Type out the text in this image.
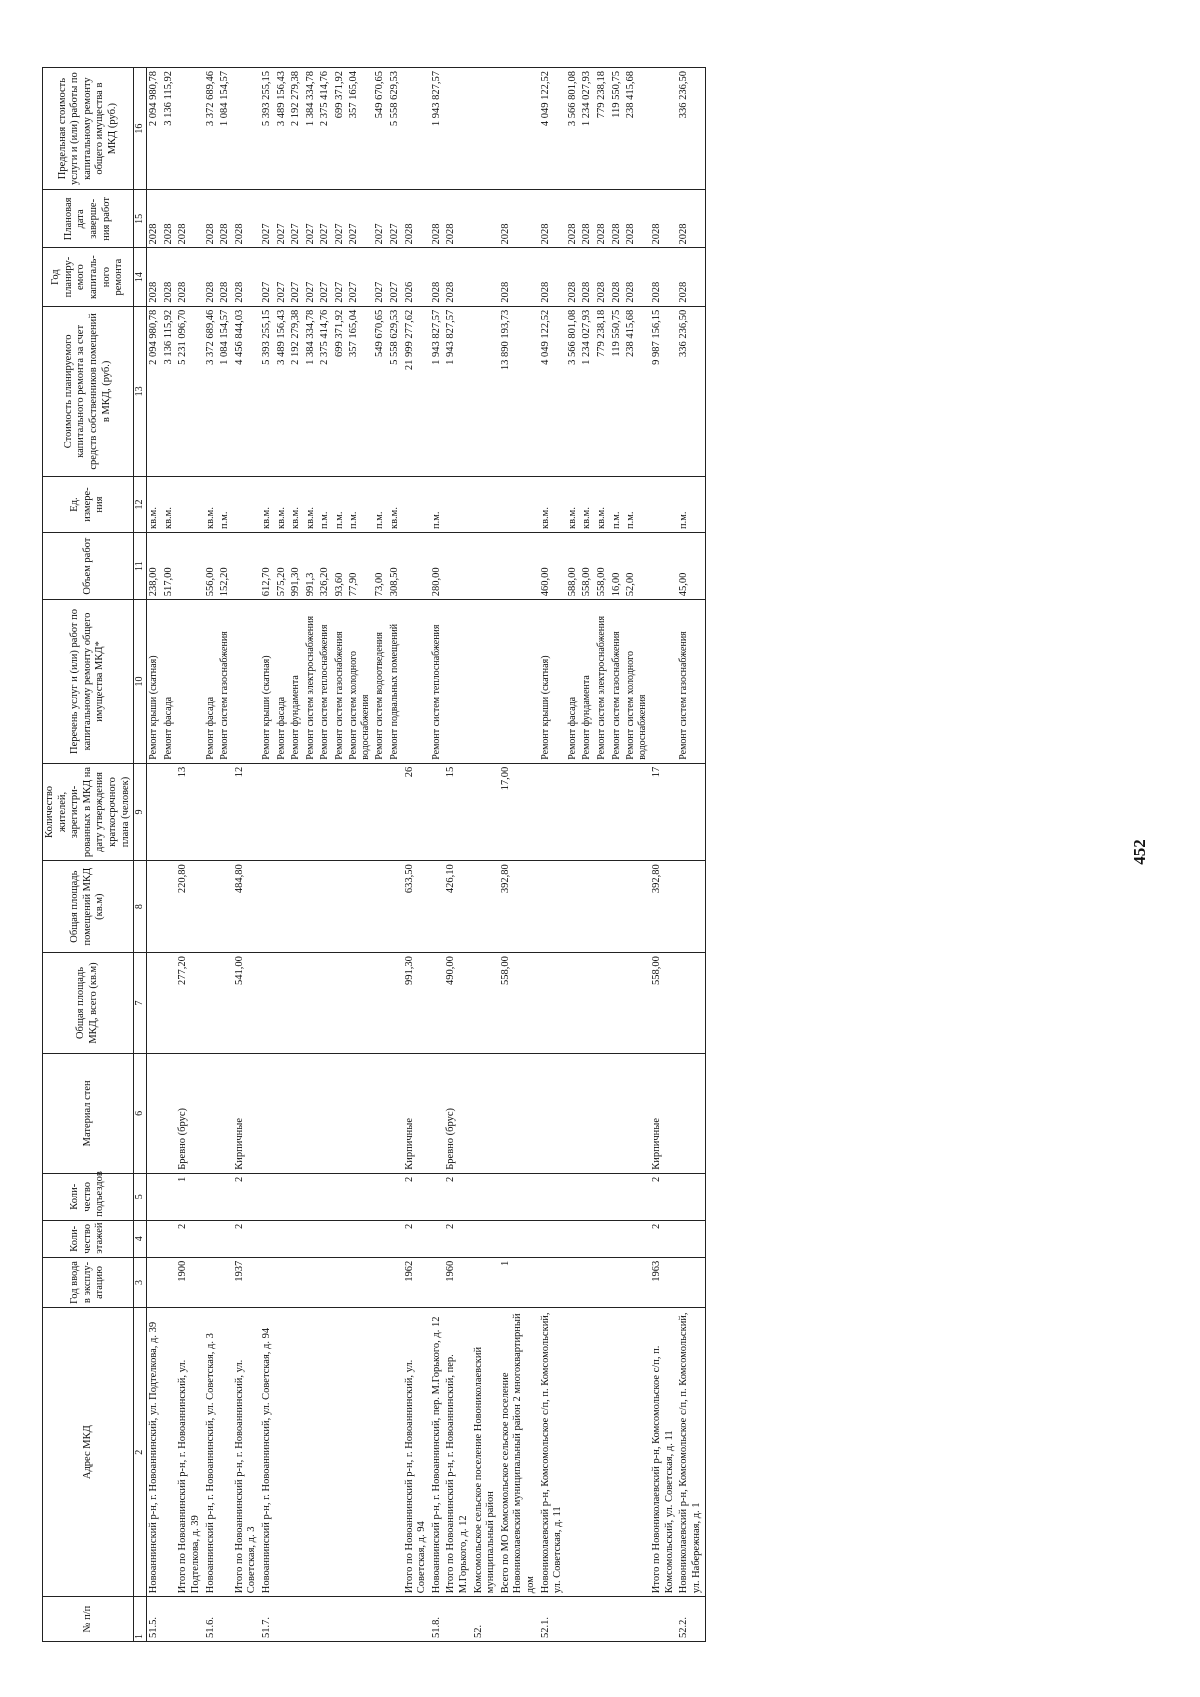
452
№ п/п	Адрес МКД	Год ввода в эксплу-атацию	Коли-чество этажей	Коли-чество подъездов	Материал стен	Общая площадь МКД, всего (кв.м)	Общая площадь помещений МКД (кв.м)	Количество жителей, зарегистри-рованных в МКД на дату утверждения краткосрочного плана (человек)	Перечень услуг и (или) работ по капитальному ремонту общего имущества МКД*	Объем работ	Ед. измере-ния	Стоимость планируемого капитального ремонта за счет средств собственников помещений в МКД, (руб.)	Год планиру-емого капиталь-ного ремонта	Плановая дата заверше-ния работ	Предельная стоимость услуги и (или) работы по капитальному ремонту общего имущества в МКД (руб.)
1	2	3	4	5	6	7	8	9	10	11	12	13	14	15	16
51.5.	Новоаннинский р-н, г. Новоаннинский, ул. Подтелкова, д. 39								Ремонт крыши (скатная)	238,00	кв.м.	2 094 980,78	2028	2028	2 094 980,78
									Ремонт фасада	517,00	кв.м.	3 136 115,92	2028	2028	3 136 115,92
	Итого по Новоаннинский р-н, г. Новоаннинский, ул. Подтелкова, д. 39	1900	2	1	Бревно (брус)	277,20	220,80	13				5 231 096,70	2028	2028	
51.6.	Новоаннинский р-н, г. Новоаннинский, ул. Советская, д. 3								Ремонт фасада	556,00	кв.м.	3 372 689,46	2028	2028	3 372 689,46
									Ремонт систем газоснабжения	152,20	п.м.	1 084 154,57	2028	2028	1 084 154,57
	Итого по Новоаннинский р-н, г. Новоаннинский, ул. Советская, д. 3	1937	2	2	Кирпичные	541,00	484,80	12				4 456 844,03	2028	2028	
51.7.	Новоаннинский р-н, г. Новоаннинский, ул. Советская, д. 94								Ремонт крыши (скатная)	612,70	кв.м.	5 393 255,15	2027	2027	5 393 255,15
									Ремонт фасада	575,20	кв.м.	3 489 156,43	2027	2027	3 489 156,43
									Ремонт фундамента	991,30	кв.м.	2 192 279,38	2027	2027	2 192 279,38
									Ремонт систем электроснабжения	991,3	кв.м.	1 384 334,78	2027	2027	1 384 334,78
									Ремонт систем теплоснабжения	326,20	п.м.	2 375 414,76	2027	2027	2 375 414,76
									Ремонт систем газоснабжения	93,60	п.м.	699 371,92	2027	2027	699 371,92
									Ремонт систем холодного водоснабжения	77,90	п.м.	357 165,04	2027	2027	357 165,04
									Ремонт систем водоотведения	73,00	п.м.	549 670,65	2027	2027	549 670,65
									Ремонт подвальных помещений	308,50	кв.м.	5 558 629,53	2027	2027	5 558 629,53
	Итого по Новоаннинский р-н, г. Новоаннинский, ул. Советская, д. 94	1962	2	2	Кирпичные	991,30	633,50	26				21 999 277,62	2026	2028	
51.8.	Новоаннинский р-н, г. Новоаннинский, пер. М.Горького, д. 12								Ремонт систем теплоснабжения	280,00	п.м.	1 943 827,57	2028	2028	1 943 827,57
	Итого по Новоаннинский р-н, г. Новоаннинский, пер. М.Горького, д. 12	1960	2	2	Бревно (брус)	490,00	426,10	15				1 943 827,57	2028	2028	
52.	Комсомольское сельское поселение Новониколаевский муниципальный район														
	Всего по МО Комсомольское сельское поселение Новониколаевский муниципальный район 2 многоквартирный дом	1				558,00	392,80	17,00				13 890 193,73	2028	2028	
52.1.	Новониколаевский р-н, Комсомольское с/п, п. Комсомольский, ул. Советская, д. 11								Ремонт крыши (скатная)	460,00	кв.м.	4 049 122,52	2028	2028	4 049 122,52
									Ремонт фасада	588,00	кв.м.	3 566 801,08	2028	2028	3 566 801,08
									Ремонт фундамента	558,00	кв.м.	1 234 027,93	2028	2028	1 234 027,93
									Ремонт систем электроснабжения	558,00	кв.м.	779 238,18	2028	2028	779 238,18
									Ремонт систем газоснабжения	16,00	п.м.	119 550,75	2028	2028	119 550,75
									Ремонт систем холодного водоснабжения	52,00	п.м.	238 415,68	2028	2028	238 415,68
	Итого по Новониколаевский р-н, Комсомольское с/п, п. Комсомольский, ул. Советская, д. 11	1963	2	2	Кирпичные	558,00	392,80	17				9 987 156,15	2028	2028	
52.2.	Новониколаевский р-н, Комсомольское с/п, п. Комсомольский, ул. Набережная, д. 1								Ремонт систем газоснабжения	45,00	п.м.	336 236,50	2028	2028	336 236,50
